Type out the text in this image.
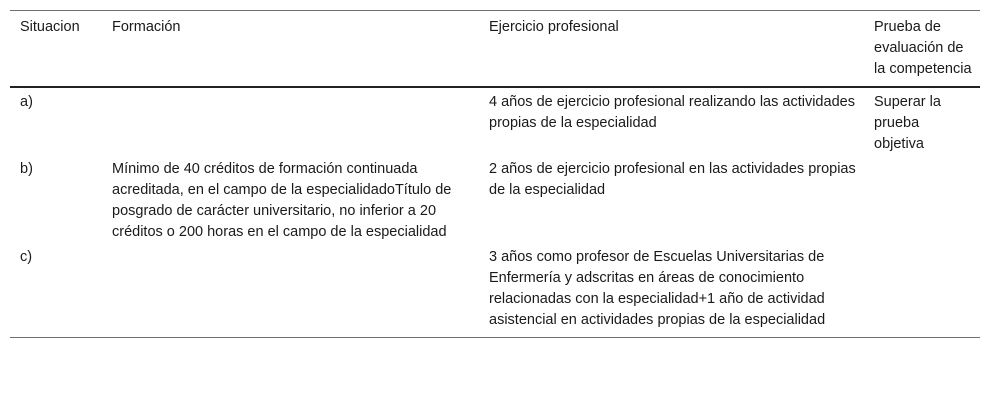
Situacion	Formación	Ejercicio profesional	Prueba de evaluación de la competencia
a)		4 años de ejercicio profesional realizando las actividades propias de la especialidad	Superar la prueba objetiva
b)	Mínimo de 40 créditos de formación continuada acreditada, en el campo de la especialidadoTítulo de posgrado de carácter universitario, no inferior a 20 créditos o 200 horas en el campo de la especialidad	2 años de ejercicio profesional en las actividades propias de la especialidad	
c)		3 años como profesor de Escuelas Universitarias de Enfermería y adscritas en áreas de conocimiento relacionadas con la especialidad+1 año de actividad asistencial en actividades propias de la especialidad	
